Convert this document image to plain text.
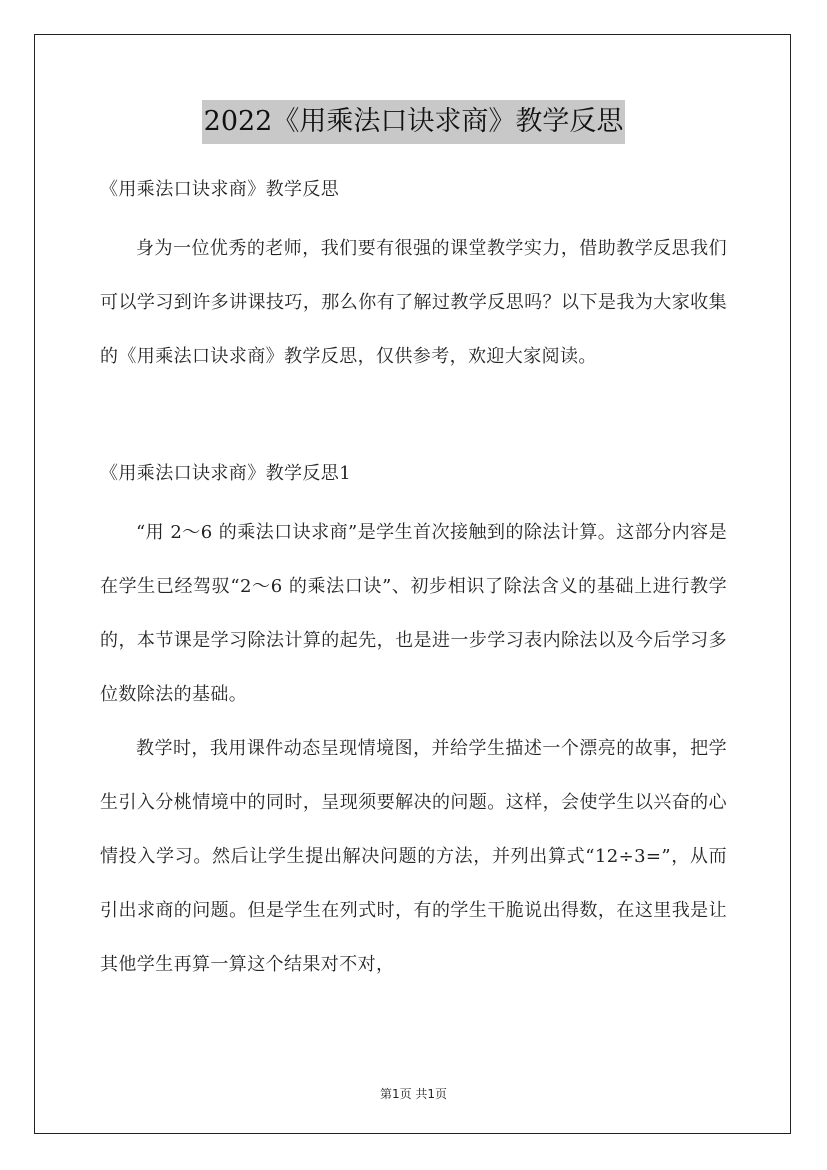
2022《用乘法口诀求商》教学反思

《用乘法口诀求商》教学反思

身为一位优秀的老师，我们要有很强的课堂教学实力，借助教学反思我们可以学习到许多讲课技巧，那么你有了解过教学反思吗？以下是我为大家收集的《用乘法口诀求商》教学反思，仅供参考，欢迎大家阅读。

《用乘法口诀求商》教学反思1

“用 2～6 的乘法口诀求商”是学生首次接触到的除法计算。这部分内容是在学生已经驾驭“2～6 的乘法口诀”、初步相识了除法含义的基础上进行教学的，本节课是学习除法计算的起先，也是进一步学习表内除法以及今后学习多位数除法的基础。

教学时，我用课件动态呈现情境图，并给学生描述一个漂亮的故事，把学生引入分桃情境中的同时，呈现须要解决的问题。这样，会使学生以兴奋的心情投入学习。然后让学生提出解决问题的方法，并列出算式“12÷3=”，从而引出求商的问题。但是学生在列式时，有的学生干脆说出得数，在这里我是让其他学生再算一算这个结果对不对，

第1页 共1页
